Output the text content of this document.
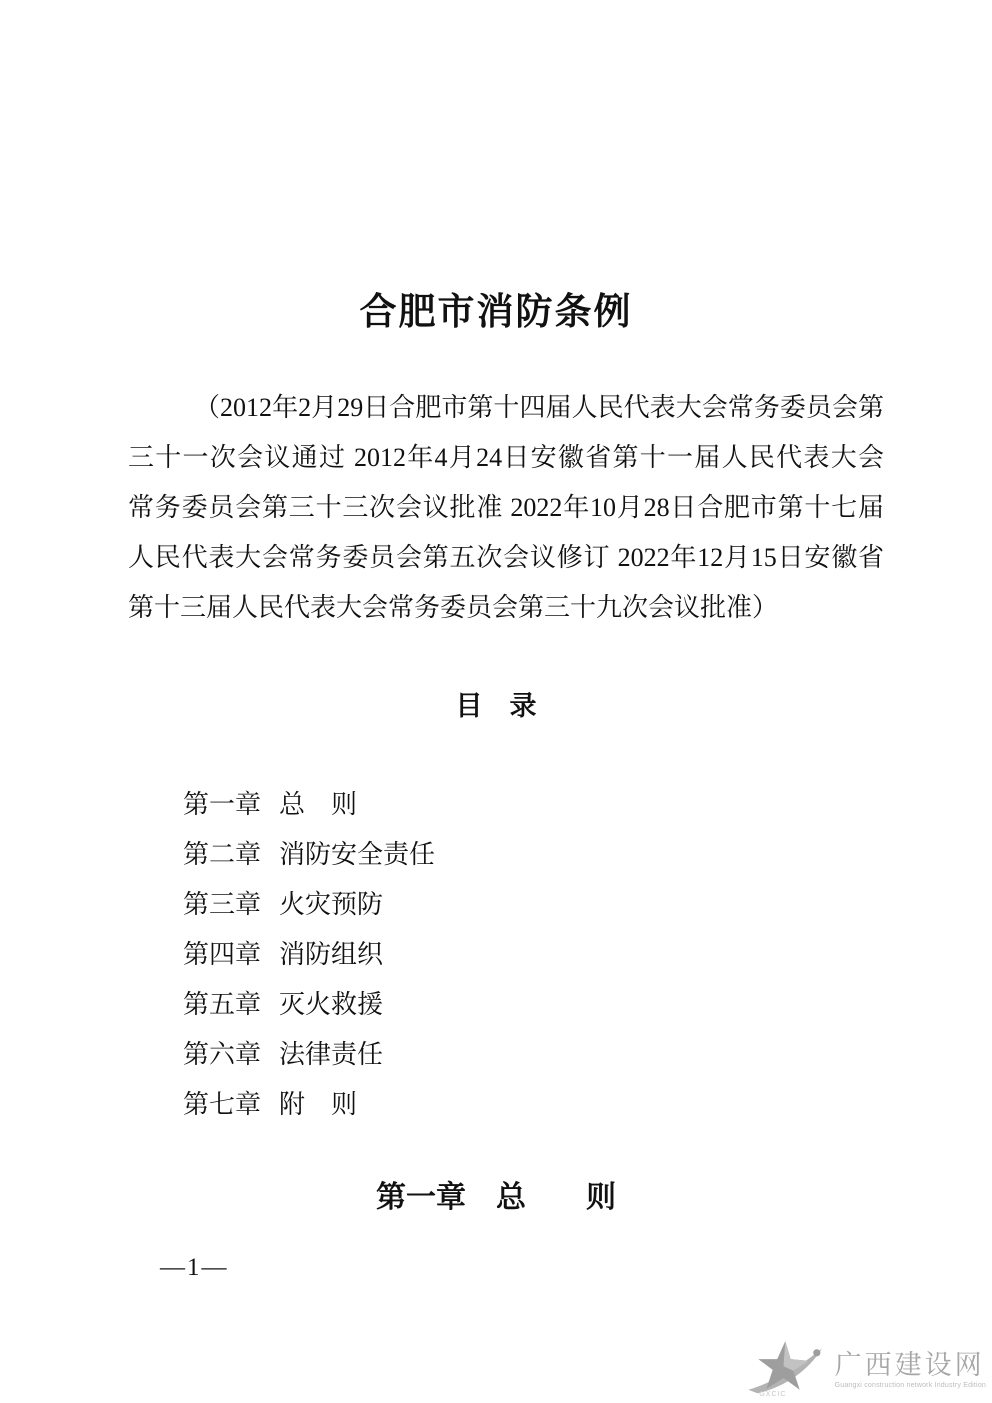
合肥市消防条例
（2012年2月29日合肥市第十四届人民代表大会常务委员会第
三十一次会议通过 2012年4月24日安徽省第十一届人民代表大会
常务委员会第三十三次会议批准 2022年10月28日合肥市第十七届
人民代表大会常务委员会第五次会议修订 2022年12月15日安徽省
第十三届人民代表大会常务委员会第三十九次会议批准）
目　录
第一章 总　则
第二章 消防安全责任
第三章 火灾预防
第四章 消防组织
第五章 灭火救援
第六章 法律责任
第七章 附　则
第一章　总　　则
—1—
GXCIC
广西建设网
Guangxi construction network Industry Edition
